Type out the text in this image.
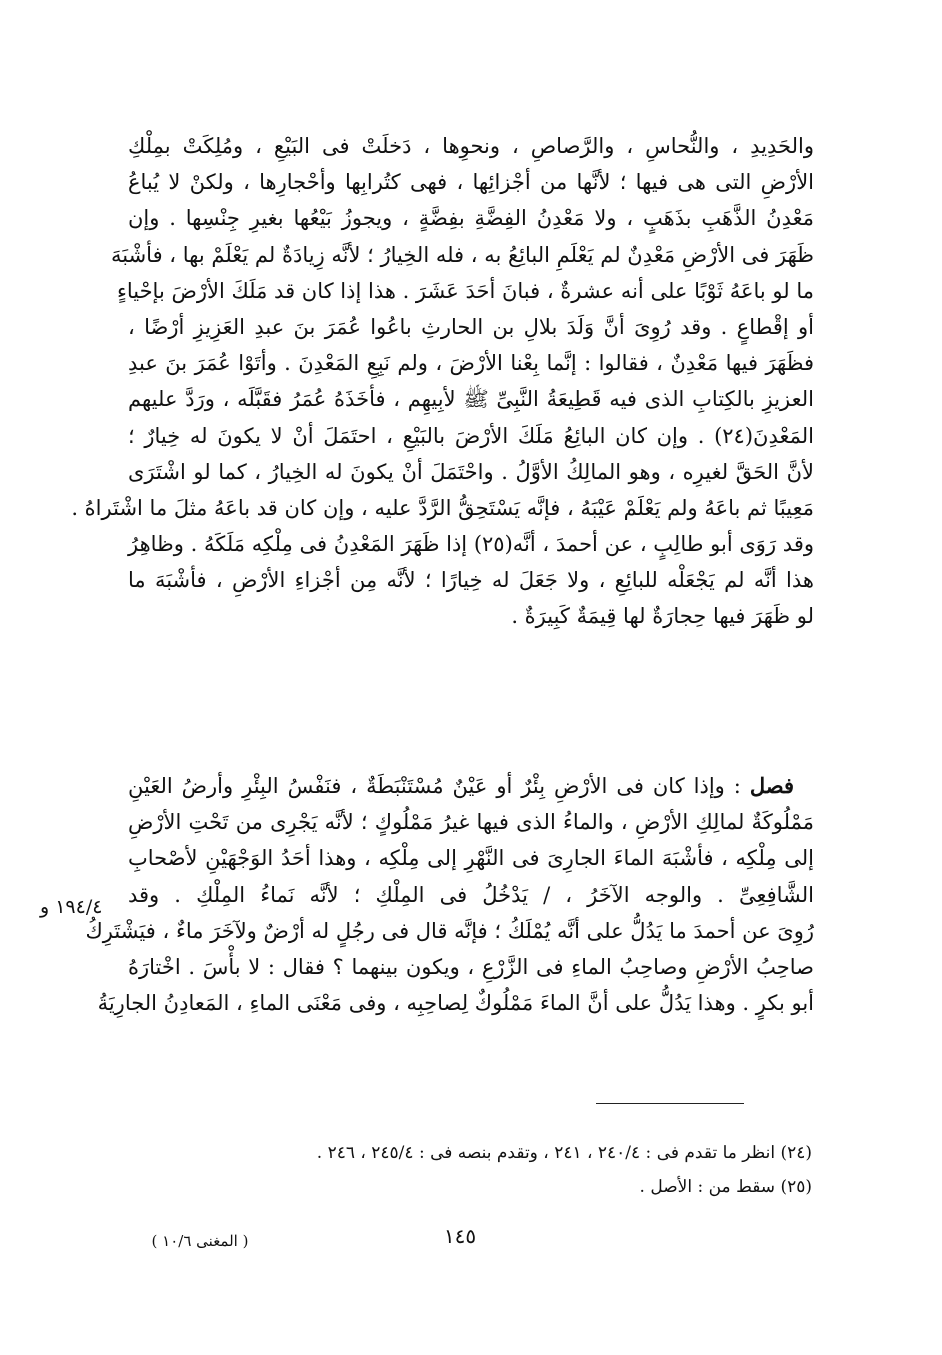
والحَدِيدِ ، والنُّحاسِ ، والرَّصاصِ ، ونحوِها ، دَخلَتْ فى البَيْعِ ، ومُلِكَتْ بمِلْكِ
الأرْضِ التى هى فيها ؛ لأنَّها من أجْزائِها ، فهى كتُرابِها وأحْجارِها ، ولكنْ لا يُباعُ
مَعْدِنُ الذَّهَبِ بذَهَبٍ ، ولا مَعْدِنُ الفِضَّةِ بفِضَّةٍ ، ويجوزُ بَيْعُها بغيرِ جِنْسِها . وإن
ظَهَرَ فى الأرْضِ مَعْدِنٌ لم يَعْلَمِ البائِعُ به ، فله الخِيارُ ؛ لأنَّه زِيادَةٌ لم يَعْلَمْ بها ، فأشْبَهَ
ما لو باعَهُ ثَوْبًا على أنه عشرةٌ ، فبانَ أحَدَ عَشَرَ . هذا إذا كان قد مَلَكَ الأرْضَ بإحْياءٍ
أو إقْطاعٍ . وقد رُوِىَ أنَّ وَلَدَ بلالِ بن الحارثِ باعُوا عُمَرَ بنَ عبدِ العَزِيزِ أرْضًا ،
فظَهَرَ فيها مَعْدِنٌ ، فقالوا : إنَّما بِعْنا الأرْضَ ، ولم نَبِعِ المَعْدِنَ . وأتَوْا عُمَرَ بنَ عبدِ
العزيزِ بالكِتابِ الذى فيه قَطِيعَةُ النَّبِىِّ ﷺ لأبِيهِم ، فأخَذَهُ عُمَرُ فقَبَّلَه ، ورَدَّ عليهم
المَعْدِنَ(٢٤) . وإن كان البائِعُ مَلَكَ الأرْضَ بالبَيْعِ ، احتَمَلَ أنْ لا يكونَ له خِيارٌ ؛
لأنَّ الحَقَّ لغيرِه ، وهو المالِكُ الأوَّلُ . واحْتَمَلَ أنْ يكونَ له الخِيارُ ، كما لو اشْتَرَى
مَعِيبًا ثم باعَهُ ولم يَعْلَمْ عَيْبَهُ ، فإنَّه يَسْتَحِقُّ الرَّدَّ عليه ، وإن كان قد باعَهُ مثلَ ما اشْتَراهُ .
وقد رَوَى أبو طالِبٍ ، عن أحمدَ ، أنَّه(٢٥) إذا ظَهَرَ المَعْدِنُ فى مِلْكِه مَلَكَهُ . وظاهِرُ
هذا أنَّه لم يَجْعَلْه للبائِعِ ، ولا جَعَلَ له خِيارًا ؛ لأنَّه مِن أجْزاءِ الأرْضِ ، فأشْبَهَ ما
لو ظَهَرَ فيها حِجارَةٌ لها قِيمَةٌ كَبِيرَةٌ .
فصل : وإذا كان فى الأرْضِ بِئْرٌ أو عَيْنٌ مُسْتَنْبَطَةٌ ، فنَفْسُ البِئْرِ وأرضُ العَيْنِ
مَمْلُوكَةٌ لمالِكِ الأرْضِ ، والماءُ الذى فيها غيرُ مَمْلُوكٍ ؛ لأنَّه يَجْرِى من تَحْتِ الأرْضِ
إلى مِلْكِه ، فأشْبَهَ الماءَ الجارِىَ فى النَّهْرِ إلى مِلْكِه ، وهذا أحَدُ الوَجْهَيْنِ لأصْحابِ
الشَّافِعِىِّ . والوجه الآخَرُ ، / يَدْخُلُ فى المِلْكِ ؛ لأنَّه نَماءُ المِلْكِ . وقد
رُوِىَ عن أحمدَ ما يَدُلُّ على أنَّه يُمْلَكُ ؛ فإنَّه قال فى رجُلٍ له أرْضٌ ولآخَرَ ماءٌ ، فيَشْتَرِكُ
صاحِبُ الأرْضِ وصاحِبُ الماءِ فى الزَّرْعِ ، ويكون بينهما ؟ فقال : لا بأْسَ . اخْتارَهُ
أبو بكرٍ . وهذا يَدُلُّ على أنَّ الماءَ مَمْلُوكٌ لِصاحِبِه ، وفى مَعْنَى الماءِ ، المَعادِنُ الجارِيَةُ
١٩٤/٤ و
(٢٤) انظر ما تقدم فى : ٢٤٠/٤ ، ٢٤١ ، وتقدم بنصه فى : ٢٤٥/٤ ، ٢٤٦ .
(٢٥) سقط من : الأصل .
١٤٥
( المغنى ١٠/٦ )
